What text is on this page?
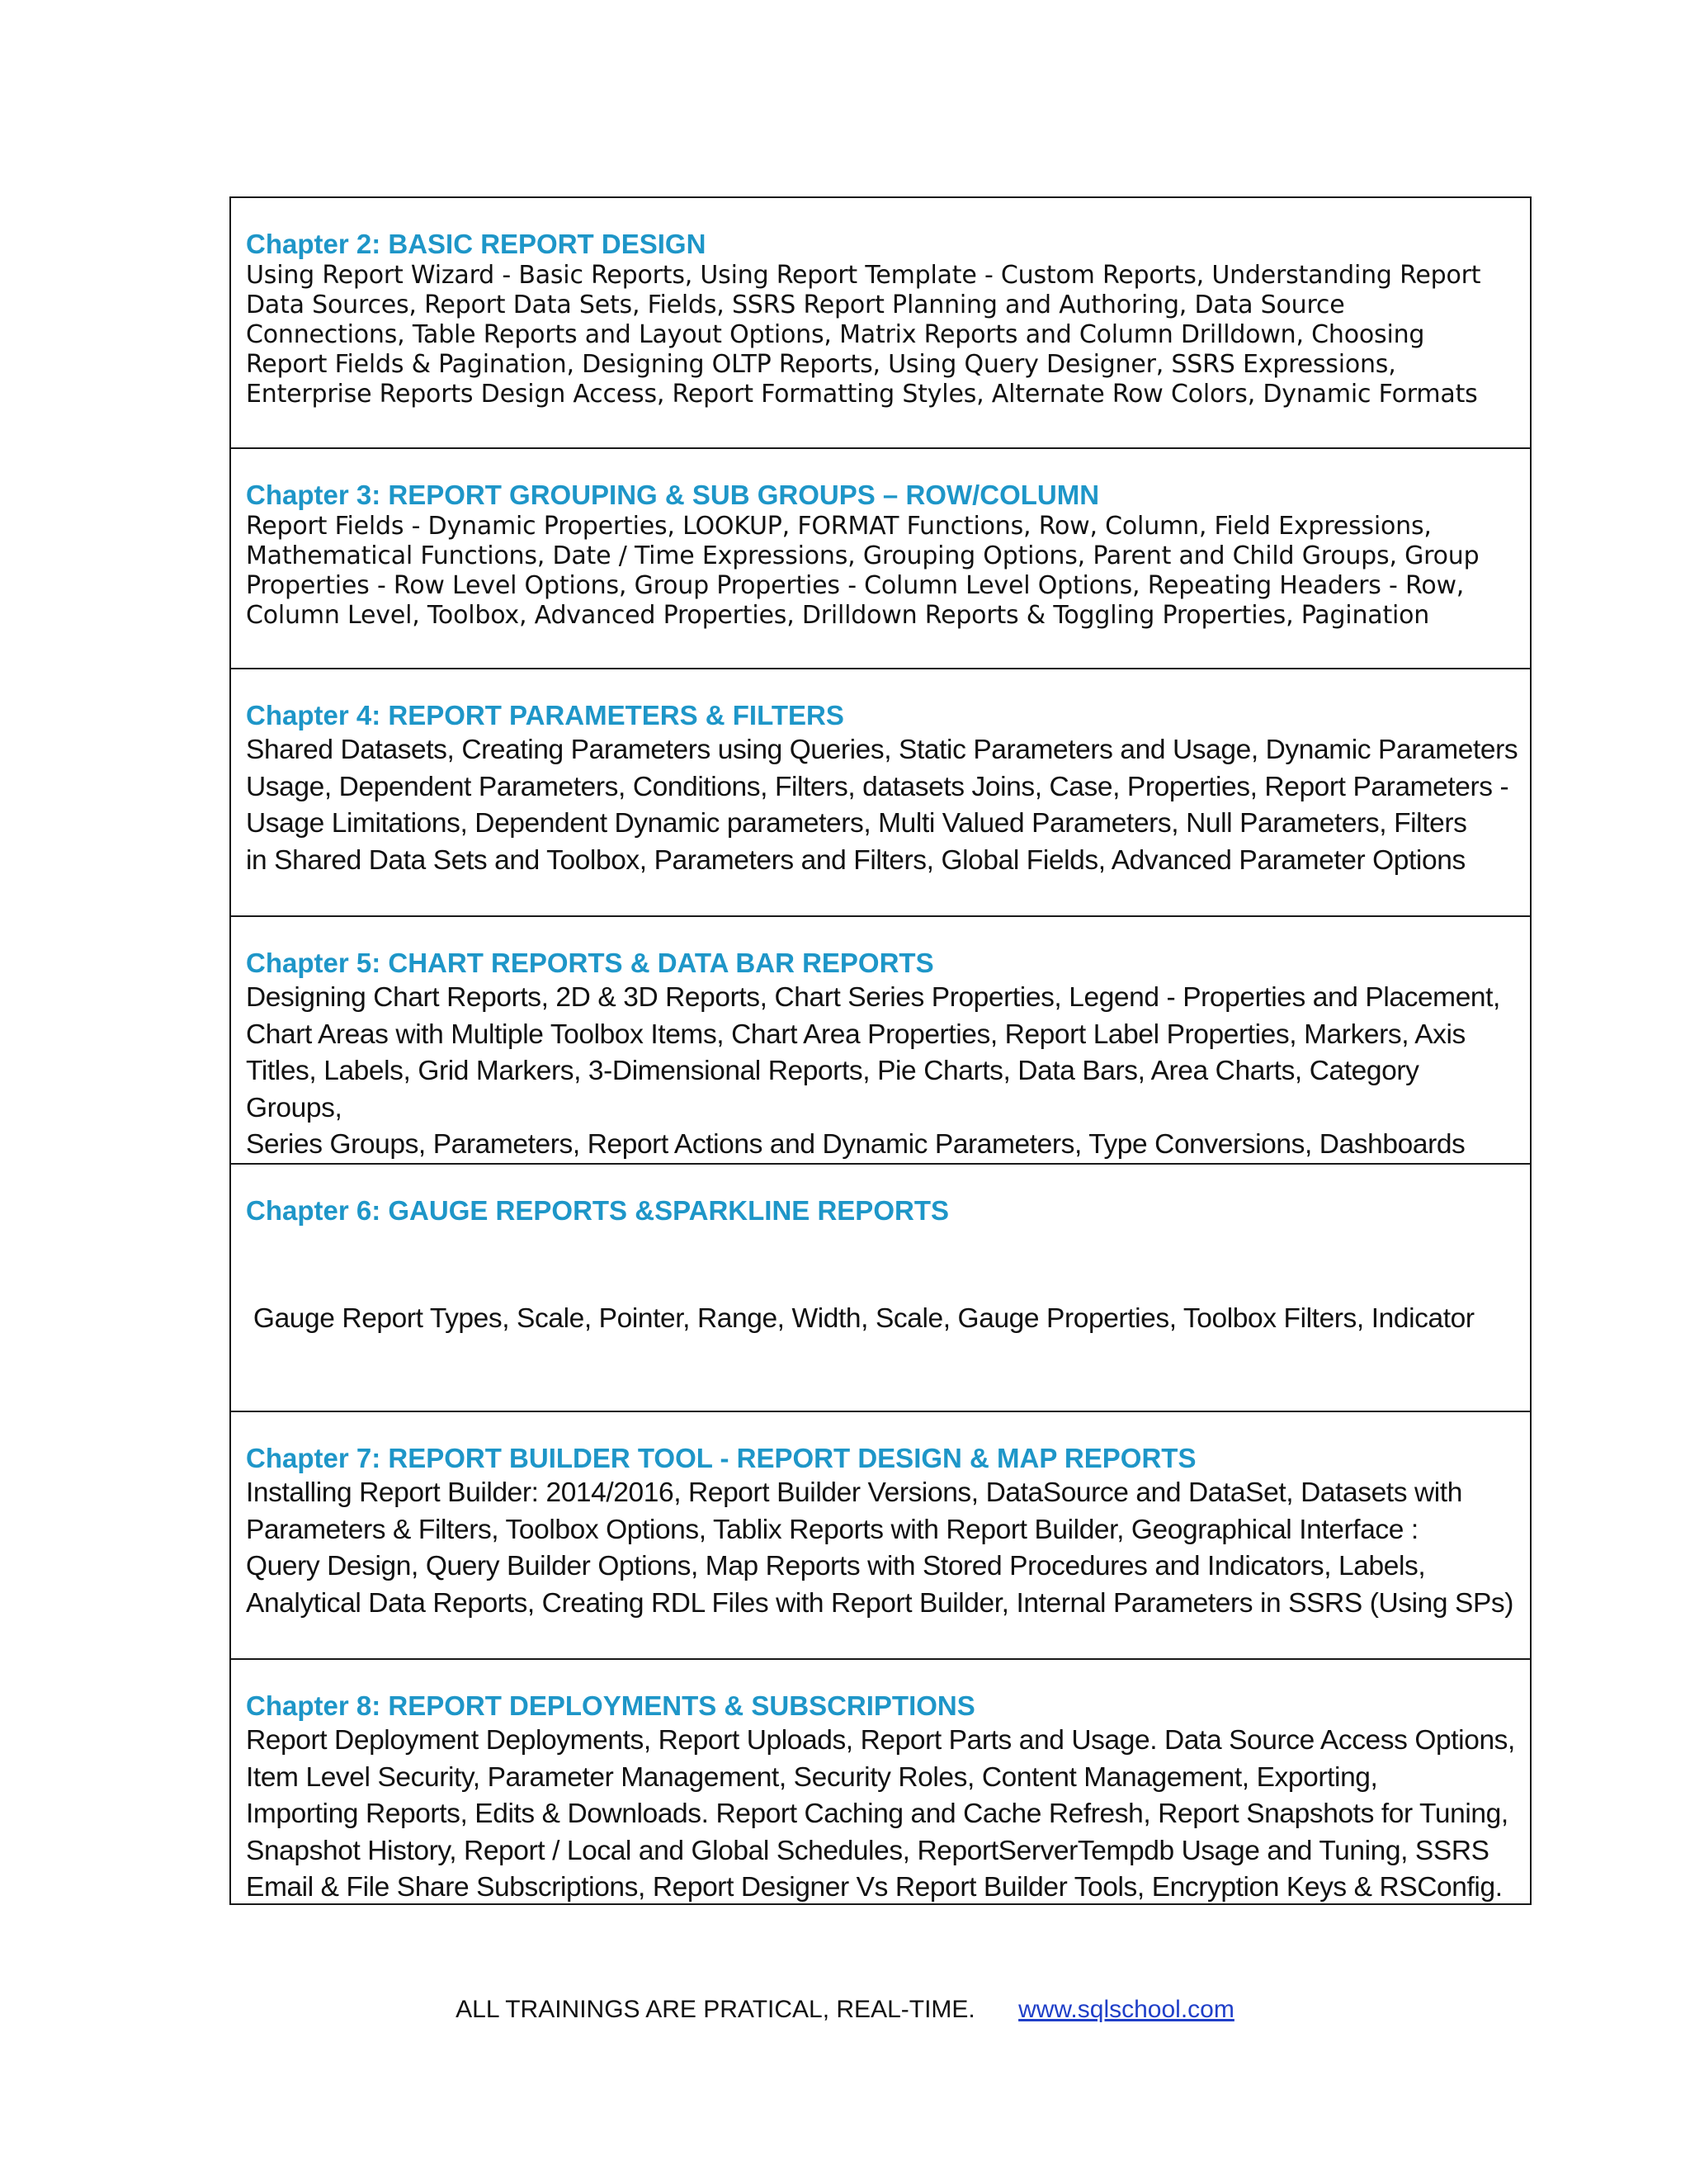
Chapter 2: BASIC REPORT DESIGN

Using Report Wizard - Basic Reports, Using Report Template - Custom Reports, Understanding Report
Data Sources, Report Data Sets, Fields, SSRS Report Planning and Authoring, Data Source
Connections, Table Reports and Layout Options, Matrix Reports and Column Drilldown, Choosing
Report Fields & Pagination, Designing OLTP Reports, Using Query Designer, SSRS Expressions,
Enterprise Reports Design Access, Report Formatting Styles, Alternate Row Colors, Dynamic Formats

Chapter 3: REPORT GROUPING & SUB GROUPS – ROW/COLUMN

Report Fields - Dynamic Properties, LOOKUP, FORMAT Functions, Row, Column, Field Expressions,
Mathematical Functions, Date / Time Expressions, Grouping Options, Parent and Child Groups, Group
Properties - Row Level Options, Group Properties - Column Level Options, Repeating Headers - Row,
Column Level, Toolbox, Advanced Properties, Drilldown Reports & Toggling Properties, Pagination

Chapter 4: REPORT PARAMETERS & FILTERS

Shared Datasets, Creating Parameters using Queries, Static Parameters and Usage, Dynamic Parameters
Usage, Dependent Parameters, Conditions, Filters, datasets Joins, Case, Properties, Report Parameters -
Usage Limitations, Dependent Dynamic parameters, Multi Valued Parameters, Null Parameters, Filters
in Shared Data Sets and Toolbox, Parameters and Filters, Global Fields, Advanced Parameter Options

Chapter 5: CHART REPORTS & DATA BAR REPORTS

Designing Chart Reports, 2D & 3D Reports, Chart Series Properties, Legend - Properties and Placement,
Chart Areas with Multiple Toolbox Items, Chart Area Properties, Report Label Properties, Markers, Axis
Titles, Labels, Grid Markers, 3-Dimensional Reports, Pie Charts, Data Bars, Area Charts, Category Groups,
Series Groups, Parameters, Report Actions and Dynamic Parameters, Type Conversions, Dashboards

Chapter 6: GAUGE REPORTS &SPARKLINE REPORTS

Gauge Report Types, Scale, Pointer, Range, Width, Scale, Gauge Properties, Toolbox Filters, Indicator

Chapter 7: REPORT BUILDER TOOL - REPORT DESIGN & MAP REPORTS

Installing Report Builder: 2014/2016, Report Builder Versions, DataSource and DataSet, Datasets with
Parameters & Filters, Toolbox Options, Tablix Reports with Report Builder, Geographical Interface :
Query Design, Query Builder Options, Map Reports with Stored Procedures and Indicators, Labels,
Analytical Data Reports, Creating RDL Files with Report Builder, Internal Parameters in SSRS (Using SPs)

Chapter 8: REPORT DEPLOYMENTS & SUBSCRIPTIONS

Report Deployment Deployments, Report Uploads, Report Parts and Usage. Data Source Access Options,
Item Level Security, Parameter Management, Security Roles, Content Management, Exporting,
Importing Reports, Edits & Downloads. Report Caching and Cache Refresh, Report Snapshots for Tuning,
Snapshot History, Report / Local and Global Schedules, ReportServerTempdb Usage and Tuning, SSRS
Email & File Share Subscriptions, Report Designer Vs Report Builder Tools, Encryption Keys & RSConfig.
ALL TRAININGS ARE PRATICAL, REAL-TIME. www.sqlschool.com
